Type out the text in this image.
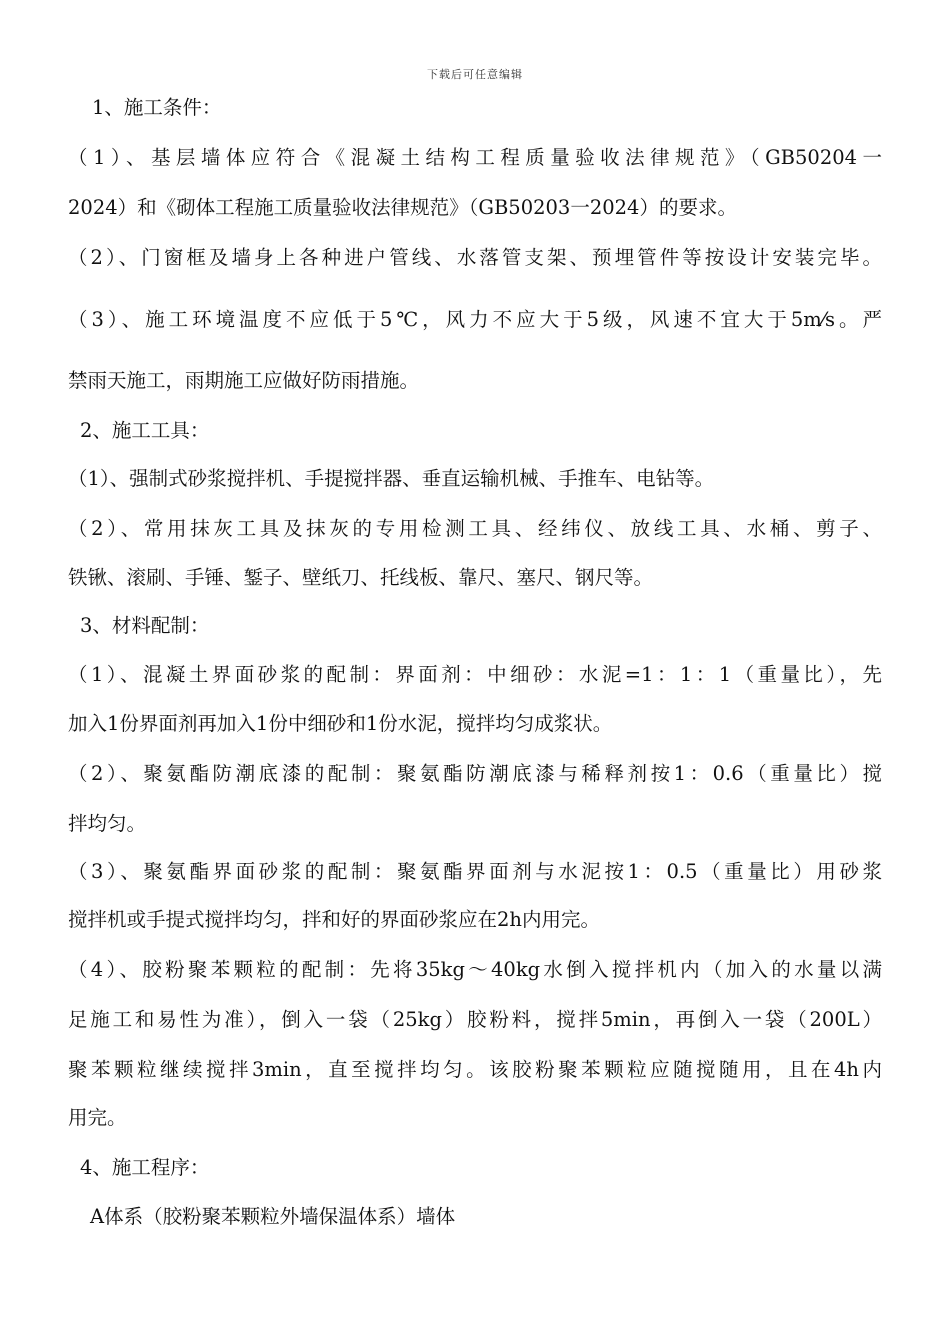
下载后可任意编辑
1、施工条件：
（1）、基层墙体应符合《混凝土结构工程质量验收法律规范》（GB50204一
2024）和《砌体工程施工质量验收法律规范》（GB50203一2024）的要求。
（2）、门窗框及墙身上各种进户管线、水落管支架、预埋管件等按设计安装完毕。
（3）、施工环境温度不应低于5℃，风力不应大于5级，风速不宜大于5m⁄s。严
禁雨天施工，雨期施工应做好防雨措施。
2、施工工具：
（1）、强制式砂浆搅拌机、手提搅拌器、垂直运输机械、手推车、电钻等。
（2）、常用抹灰工具及抹灰的专用检测工具、经纬仪、放线工具、水桶、剪子、
铁锹、滚刷、手锤、錾子、壁纸刀、托线板、靠尺、塞尺、钢尺等。
3、材料配制：
（1）、混凝土界面砂浆的配制：界面剂：中细砂：水泥=1：1：1（重量比），先
加入1份界面剂再加入1份中细砂和1份水泥，搅拌均匀成浆状。
（2）、聚氨酯防潮底漆的配制：聚氨酯防潮底漆与稀释剂按1：0.6（重量比）搅
拌均匀。
（3）、聚氨酯界面砂浆的配制：聚氨酯界面剂与水泥按1：0.5（重量比）用砂浆
搅拌机或手提式搅拌均匀，拌和好的界面砂浆应在2h内用完。
（4）、胶粉聚苯颗粒的配制：先将35kg～40kg水倒入搅拌机内（加入的水量以满
足施工和易性为准），倒入一袋（25kg）胶粉料，搅拌5min，再倒入一袋（200L）
聚苯颗粒继续搅拌3min，直至搅拌均匀。该胶粉聚苯颗粒应随搅随用，且在4h内
用完。
4、施工程序：
A体系（胶粉聚苯颗粒外墙保温体系）墙体
